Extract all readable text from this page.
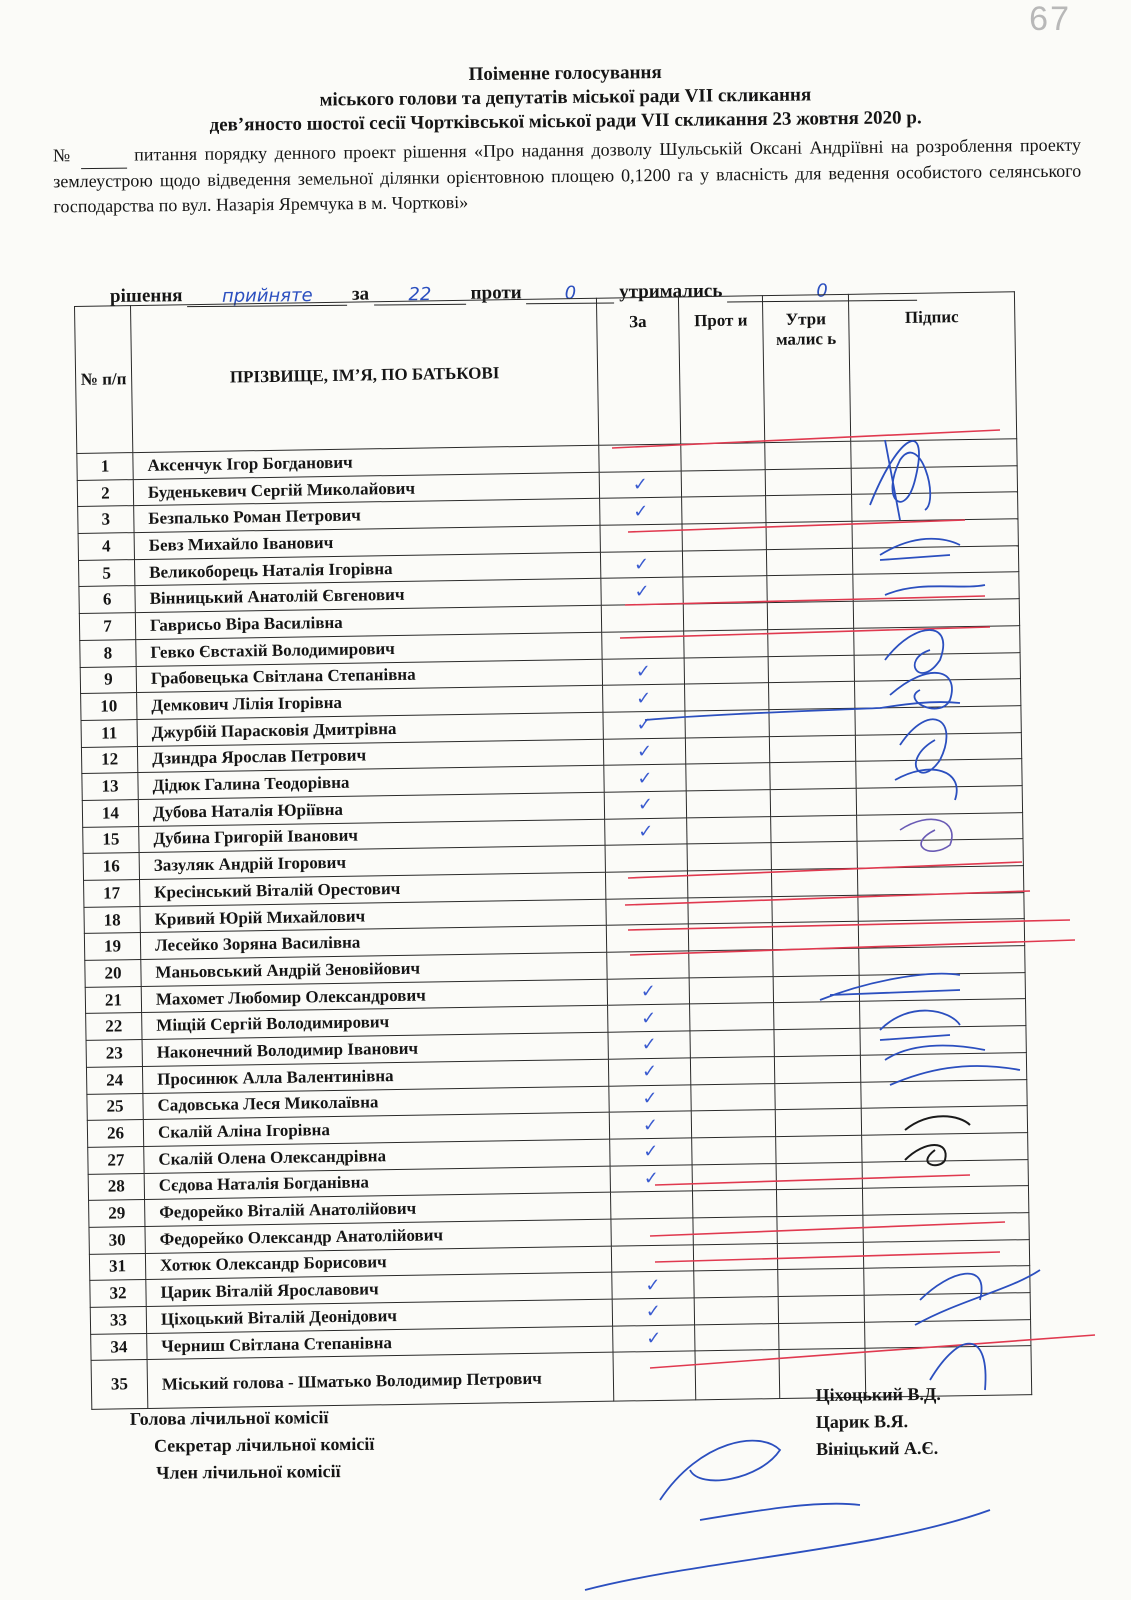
67
Поіменне голосування
міського голови та депутатів міської ради VІІ скликання
дев’яносто шостої сесії Чортківської міської ради VІІ скликання 23 жовтня 2020 р.
№	питання порядку денного проект рішення «Про надання дозволу Шульській Оксані Андріївні на розроблення проекту землеустрою щодо відведення земельної ділянки орієнтовною площею 0,1200 га у власність для ведення особистого селянського господарства по вул. Назарія Яремчука в м. Чорткові»
рішення прийняте за 22 проти 0 утримались	0
№ п/п	ПРІЗВИЩЕ, ІМ’Я, ПО БАТЬКОВІ	За	Прот и	Утри малис ь	Підпис
1	Аксенчук Ігор Богданович				
2	Буденькевич Сергій Миколайович	✓			
3	Безпалько Роман Петрович	✓			
4	Бевз Михайло Іванович				
5	Великоборець Наталія Ігорівна	✓			
6	Вінницький Анатолій Євгенович	✓			
7	Гаврисьо Віра Василівна				
8	Гевко Євстахій Володимирович				
9	Грабовецька Світлана Степанівна	✓			
10	Демкович Лілія Ігорівна	✓			
11	Джурбій Парасковія Дмитрівна	✓			
12	Дзиндра Ярослав Петрович	✓			
13	Дідюк Галина Теодорівна	✓			
14	Дубова Наталія Юріївна	✓			
15	Дубина Григорій Іванович	✓			
16	Зазуляк Андрій Ігорович				
17	Кресінський Віталій Орестович				
18	Кривий Юрій Михайлович				
19	Лесейко Зоряна Василівна				
20	Маньовський Андрій Зеновійович				
21	Махомет Любомир Олександрович	✓			
22	Міщій Сергій Володимирович	✓			
23	Наконечний Володимир Іванович	✓			
24	Просинюк Алла Валентинівна	✓			
25	Садовська Леся Миколаївна	✓			
26	Скалій Аліна Ігорівна	✓			
27	Скалій Олена Олександрівна	✓			
28	Сєдова Наталія Богданівна	✓			
29	Федорейко Віталій Анатолійович				
30	Федорейко Олександр Анатолійович				
31	Хотюк Олександр Борисович				
32	Царик Віталій Ярославович	✓			
33	Ціхоцький Віталій Деонідович	✓			
34	Черниш Світлана Степанівна	✓			
35	Міський голова - Шматько Володимир Петрович				
Голова лічильної комісії
Секретар лічильної комісії
Член лічильної комісії
Ціхоцький В.Д.
Царик В.Я.
Вініцький А.Є.
